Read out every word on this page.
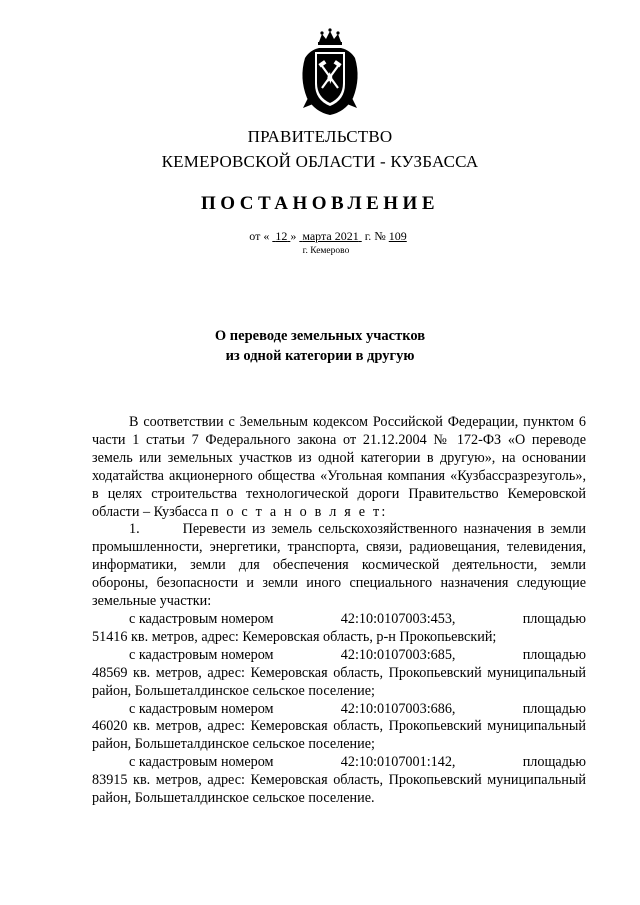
ПРАВИТЕЛЬСТВО
КЕМЕРОВСКОЙ ОБЛАСТИ - КУЗБАССА
ПОСТАНОВЛЕНИЕ
от « 12 » марта 2021 г. № 109
г. Кемерово
О переводе земельных участков
из одной категории в другую
В соответствии с Земельным кодексом Российской Федерации, пунктом 6 части 1 статьи 7 Федерального закона от 21.12.2004 № 172-ФЗ «О переводе земель или земельных участков из одной категории в другую», на основании ходатайства акционерного общества «Угольная компания «Кузбассразрезуголь», в целях строительства технологической дороги Правительство Кемеровской области – Кузбасса п о с т а н о в л я е т:
1.	Перевести из земель сельскохозяйственного назначения в земли промышленности, энергетики, транспорта, связи, радиовещания, телевидения, информатики, земли для обеспечения космической деятельности, земли обороны, безопасности и земли иного специального назначения следующие земельные участки:
с кадастровым номером	42:10:0107003:453,	площадью
51416 кв. метров, адрес: Кемеровская область, р-н Прокопьевский;
с кадастровым номером	42:10:0107003:685,	площадью
48569 кв. метров, адрес: Кемеровская область, Прокопьевский муниципальный район, Большеталдинское сельское поселение;
с кадастровым номером	42:10:0107003:686,	площадью
46020 кв. метров, адрес: Кемеровская область, Прокопьевский муниципальный район, Большеталдинское сельское поселение;
с кадастровым номером	42:10:0107001:142,	площадью
83915 кв. метров, адрес: Кемеровская область, Прокопьевский муниципальный район, Большеталдинское сельское поселение.
